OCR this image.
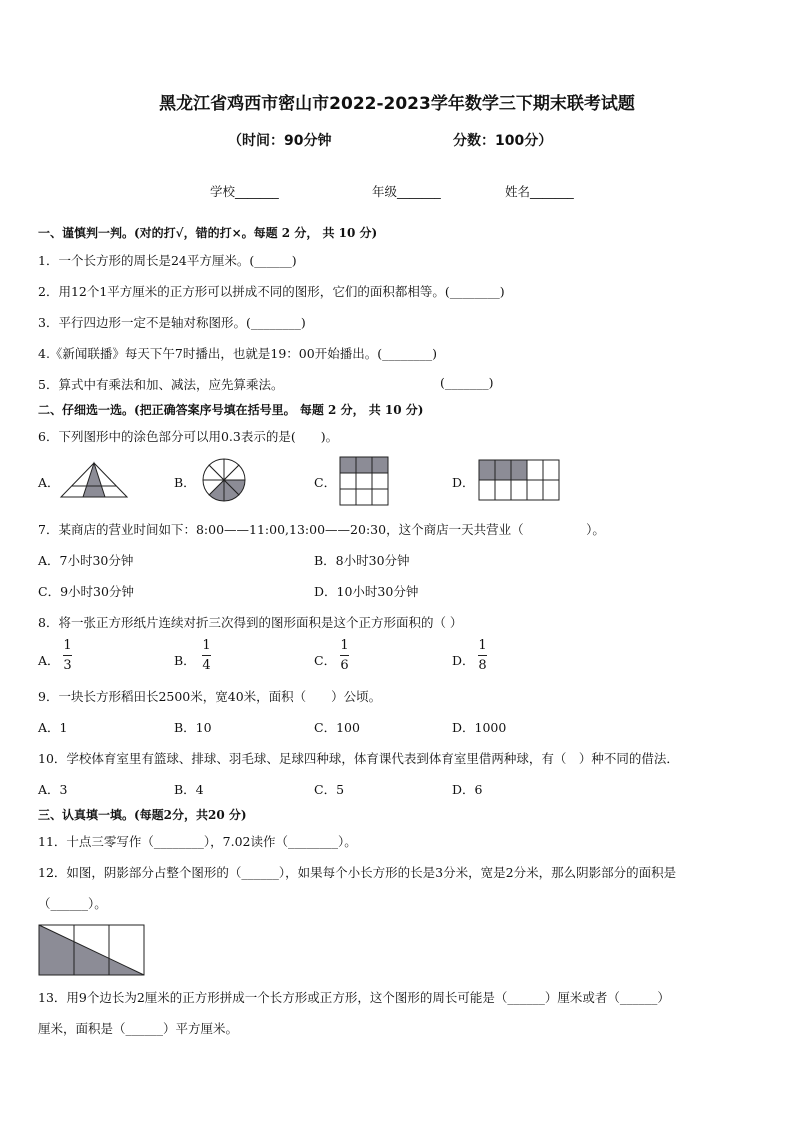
黑龙江省鸡西市密山市2022-2023学年数学三下期末联考试题
（时间：90分钟	分数：100分）
学校_______	年级_______	姓名_______
一、谨慎判一判。(对的打√，错的打×。每题 2 分， 共 10 分)
1．一个长方形的周长是24平方厘米。(______)
2．用12个1平方厘米的正方形可以拼成不同的图形，它们的面积都相等。(________)
3．平行四边形一定不是轴对称图形。(________)
4.《新闻联播》每天下午7时播出，也就是19：00开始播出。(________)
5．算式中有乘法和加、减法，应先算乘法。	(_______)
二、仔细选一选。(把正确答案序号填在括号里。 每题 2 分， 共 10 分)
6．下列图形中的涂色部分可以用0.3表示的是(　　)。
A．	B．	C．	D．
7．某商店的营业时间如下：8:00——11:00,13:00——20:30，这个商店一天共营业（　　　　　）。
A．7小时30分钟	B．8小时30分钟
C．9小时30分钟	D．10小时30分钟
8．将一张正方形纸片连续对折三次得到的图形面积是这个正方形面积的（ ）
A．
1
3	B．
1
4	C．
1
6	D．
1
8
9．一块长方形稻田长2500米，宽40米，面积（　　）公顷。
A．1	B．10	C．100	D．1000
10．学校体育室里有篮球、排球、羽毛球、足球四种球，体育课代表到体育室里借两种球，有（　）种不同的借法．
A．3	B．4	C．5	D．6
三、认真填一填。(每题2分，共20 分)
11．十点三零写作（________），7.02读作（________）。
12．如图，阴影部分占整个图形的（______），如果每个小长方形的长是3分米，宽是2分米，那么阴影部分的面积是
（______）。
13．用9个边长为2厘米的正方形拼成一个长方形或正方形，这个图形的周长可能是（______）厘米或者（______）
厘米，面积是（______）平方厘米。
